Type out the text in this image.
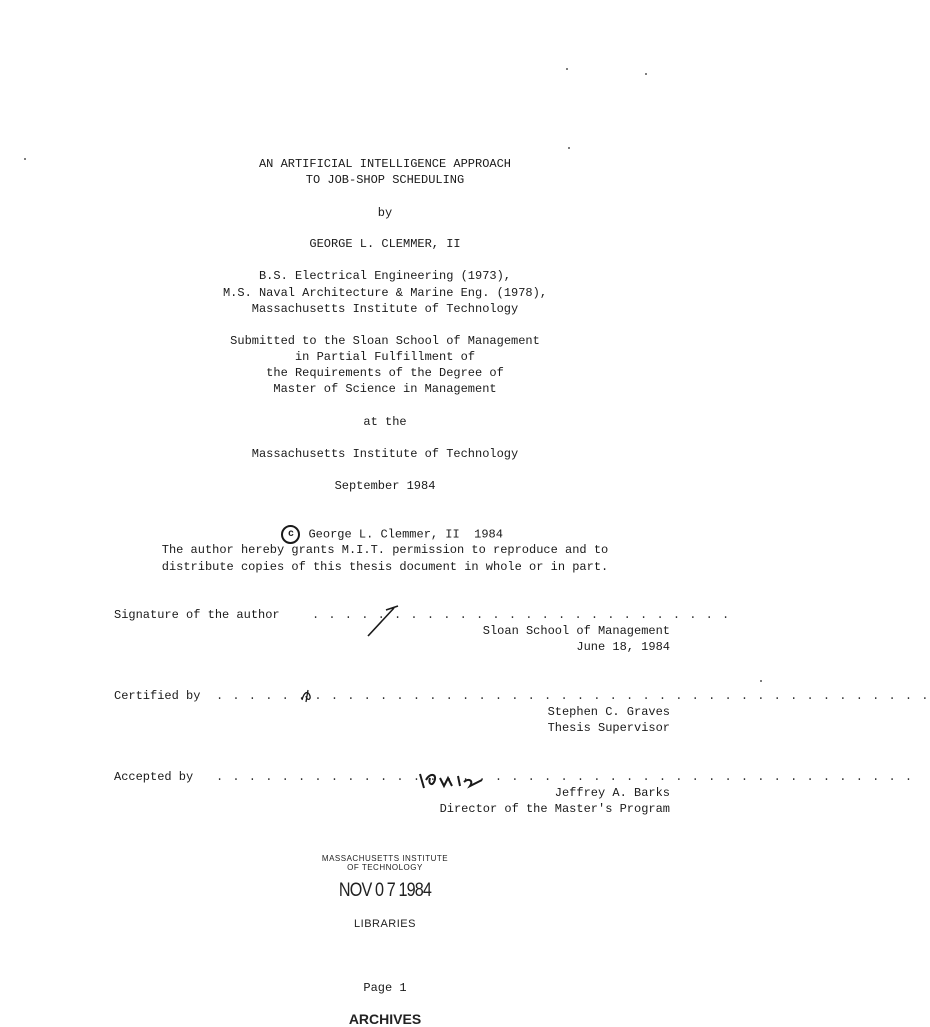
AN ARTIFICIAL INTELLIGENCE APPROACH
TO JOB-SHOP SCHEDULING
by
GEORGE L. CLEMMER, II
B.S. Electrical Engineering (1973),
M.S. Naval Architecture & Marine Eng. (1978),
Massachusetts Institute of Technology
Submitted to the Sloan School of Management
in Partial Fulfillment of
the Requirements of the Degree of
Master of Science in Management
at the
Massachusetts Institute of Technology
September 1984

c George L. Clemmer, II  1984

The author hereby grants M.I.T. permission to reproduce and to
distribute copies of this thesis document in whole or in part.
Signature of the author	. . . . . . . . . . . . . . . . . . . . . . . . . .
Sloan School of Management
June 18, 1984
Certified by . . . . . . . . . . . . . . . . . . . . . . . . . . . . . . . . . . . . . . . . . . . .
Stephen C. Graves
Thesis Supervisor
Accepted by . . . . . . . . . . . . . . . . . . . . . . . . . . . . . . . . . . . . . . . . . . .
Jeffrey A. Barks
Director of the Master's Program
MASSACHUSETTS INSTITUTE
OF TECHNOLOGY
NOV 0 7 1984
LIBRARIES
Page 1
ARCHIVES
